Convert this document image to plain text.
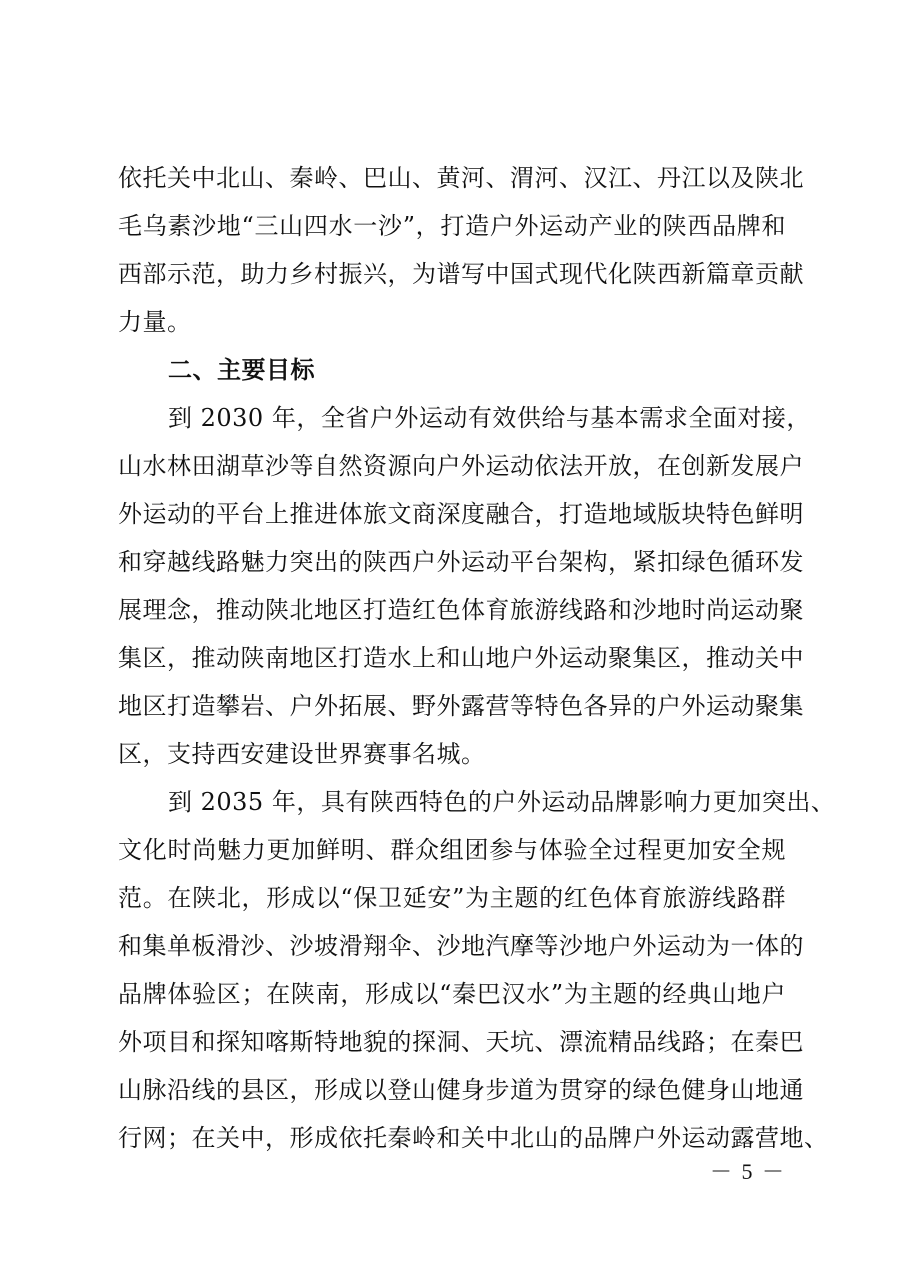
依托关中北山、秦岭、巴山、黄河、渭河、汉江、丹江以及陕北
毛乌素沙地“三山四水一沙”，打造户外运动产业的陕西品牌和
西部示范，助力乡村振兴，为谱写中国式现代化陕西新篇章贡献
力量。
二、主要目标
到 2030 年，全省户外运动有效供给与基本需求全面对接，
山水林田湖草沙等自然资源向户外运动依法开放，在创新发展户
外运动的平台上推进体旅文商深度融合，打造地域版块特色鲜明
和穿越线路魅力突出的陕西户外运动平台架构，紧扣绿色循环发
展理念，推动陕北地区打造红色体育旅游线路和沙地时尚运动聚
集区，推动陕南地区打造水上和山地户外运动聚集区，推动关中
地区打造攀岩、户外拓展、野外露营等特色各异的户外运动聚集
区，支持西安建设世界赛事名城。
到 2035 年，具有陕西特色的户外运动品牌影响力更加突出、
文化时尚魅力更加鲜明、群众组团参与体验全过程更加安全规
范。在陕北，形成以“保卫延安”为主题的红色体育旅游线路群
和集单板滑沙、沙坡滑翔伞、沙地汽摩等沙地户外运动为一体的
品牌体验区；在陕南，形成以“秦巴汉水”为主题的经典山地户
外项目和探知喀斯特地貌的探洞、天坑、漂流精品线路；在秦巴
山脉沿线的县区，形成以登山健身步道为贯穿的绿色健身山地通
行网；在关中，形成依托秦岭和关中北山的品牌户外运动露营地、
－ 5 －
